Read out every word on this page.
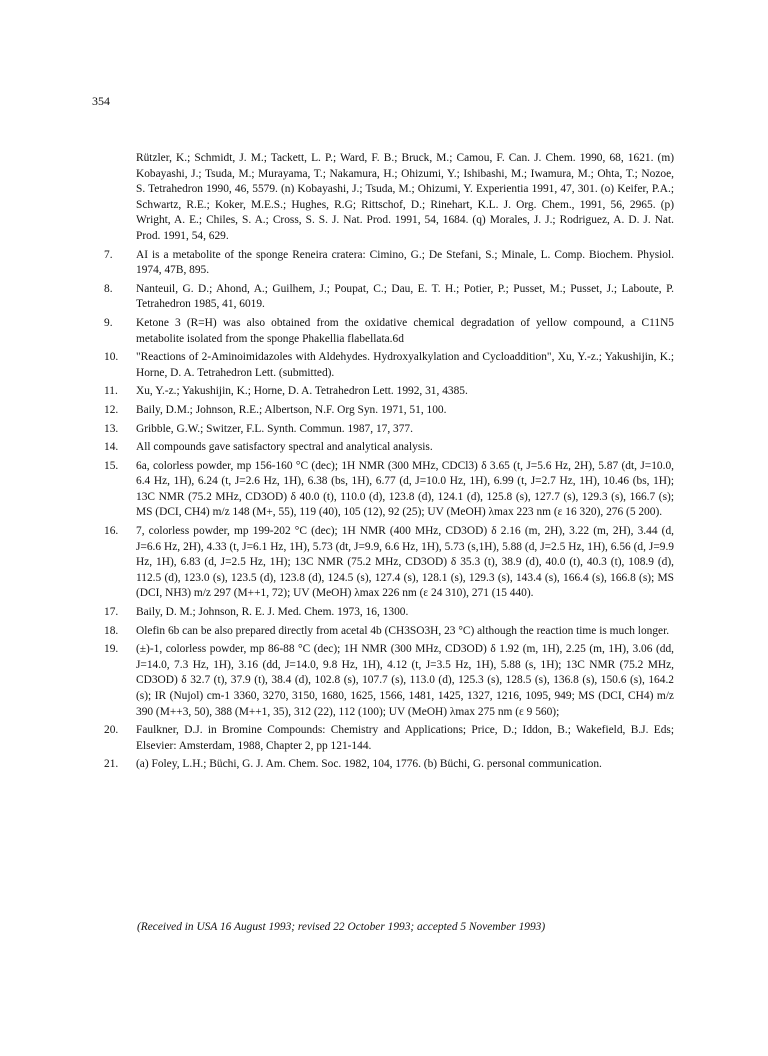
354
Rützler, K.; Schmidt, J. M.; Tackett, L. P.; Ward, F. B.; Bruck, M.; Camou, F. Can. J. Chem. 1990, 68, 1621. (m) Kobayashi, J.; Tsuda, M.; Murayama, T.; Nakamura, H.; Ohizumi, Y.; Ishibashi, M.; Iwamura, M.; Ohta, T.; Nozoe, S. Tetrahedron 1990, 46, 5579. (n) Kobayashi, J.; Tsuda, M.; Ohizumi, Y. Experientia 1991, 47, 301. (o) Keifer, P.A.; Schwartz, R.E.; Koker, M.E.S.; Hughes, R.G; Rittschof, D.; Rinehart, K.L. J. Org. Chem., 1991, 56, 2965. (p) Wright, A. E.; Chiles, S. A.; Cross, S. S. J. Nat. Prod. 1991, 54, 1684. (q) Morales, J. J.; Rodriguez, A. D. J. Nat. Prod. 1991, 54, 629.
7.	AI is a metabolite of the sponge Reneira cratera: Cimino, G.; De Stefani, S.; Minale, L. Comp. Biochem. Physiol. 1974, 47B, 895.
8.	Nanteuil, G. D.; Ahond, A.; Guilhem, J.; Poupat, C.; Dau, E. T. H.; Potier, P.; Pusset, M.; Pusset, J.; Laboute, P. Tetrahedron 1985, 41, 6019.
9.	Ketone 3 (R=H) was also obtained from the oxidative chemical degradation of yellow compound, a C11N5 metabolite isolated from the sponge Phakellia flabellata.6d
10.	"Reactions of 2-Aminoimidazoles with Aldehydes. Hydroxyalkylation and Cycloaddition", Xu, Y.-z.; Yakushijin, K.; Horne, D. A. Tetrahedron Lett. (submitted).
11.	Xu, Y.-z.; Yakushijin, K.; Horne, D. A. Tetrahedron Lett. 1992, 31, 4385.
12.	Baily, D.M.; Johnson, R.E.; Albertson, N.F. Org Syn. 1971, 51, 100.
13.	Gribble, G.W.; Switzer, F.L. Synth. Commun. 1987, 17, 377.
14.	All compounds gave satisfactory spectral and analytical analysis.
15.	6a, colorless powder, mp 156-160 °C (dec); 1H NMR (300 MHz, CDCl3) δ 3.65 (t, J=5.6 Hz, 2H), 5.87 (dt, J=10.0, 6.4 Hz, 1H), 6.24 (t, J=2.6 Hz, 1H), 6.38 (bs, 1H), 6.77 (d, J=10.0 Hz, 1H), 6.99 (t, J=2.7 Hz, 1H), 10.46 (bs, 1H); 13C NMR (75.2 MHz, CD3OD) δ 40.0 (t), 110.0 (d), 123.8 (d), 124.1 (d), 125.8 (s), 127.7 (s), 129.3 (s), 166.7 (s); MS (DCI, CH4) m/z 148 (M+, 55), 119 (40), 105 (12), 92 (25); UV (MeOH) λmax 223 nm (ε 16 320), 276 (5 200).
16.	7, colorless powder, mp 199-202 °C (dec); 1H NMR (400 MHz, CD3OD) δ 2.16 (m, 2H), 3.22 (m, 2H), 3.44 (d, J=6.6 Hz, 2H), 4.33 (t, J=6.1 Hz, 1H), 5.73 (dt, J=9.9, 6.6 Hz, 1H), 5.73 (s,1H), 5.88 (d, J=2.5 Hz, 1H), 6.56 (d, J=9.9 Hz, 1H), 6.83 (d, J=2.5 Hz, 1H); 13C NMR (75.2 MHz, CD3OD) δ 35.3 (t), 38.9 (d), 40.0 (t), 40.3 (t), 108.9 (d), 112.5 (d), 123.0 (s), 123.5 (d), 123.8 (d), 124.5 (s), 127.4 (s), 128.1 (s), 129.3 (s), 143.4 (s), 166.4 (s), 166.8 (s); MS (DCI, NH3) m/z 297 (M++1, 72); UV (MeOH) λmax 226 nm (ε 24 310), 271 (15 440).
17.	Baily, D. M.; Johnson, R. E. J. Med. Chem. 1973, 16, 1300.
18.	Olefin 6b can be also prepared directly from acetal 4b (CH3SO3H, 23 °C) although the reaction time is much longer.
19.	(±)-1, colorless powder, mp 86-88 °C (dec); 1H NMR (300 MHz, CD3OD) δ 1.92 (m, 1H), 2.25 (m, 1H), 3.06 (dd, J=14.0, 7.3 Hz, 1H), 3.16 (dd, J=14.0, 9.8 Hz, 1H), 4.12 (t, J=3.5 Hz, 1H), 5.88 (s, 1H); 13C NMR (75.2 MHz, CD3OD) δ 32.7 (t), 37.9 (t), 38.4 (d), 102.8 (s), 107.7 (s), 113.0 (d), 125.3 (s), 128.5 (s), 136.8 (s), 150.6 (s), 164.2 (s); IR (Nujol) cm-1 3360, 3270, 3150, 1680, 1625, 1566, 1481, 1425, 1327, 1216, 1095, 949; MS (DCI, CH4) m/z 390 (M++3, 50), 388 (M++1, 35), 312 (22), 112 (100); UV (MeOH) λmax 275 nm (ε 9 560);
20.	Faulkner, D.J. in Bromine Compounds: Chemistry and Applications; Price, D.; Iddon, B.; Wakefield, B.J. Eds; Elsevier: Amsterdam, 1988, Chapter 2, pp 121-144.
21.	(a) Foley, L.H.; Büchi, G. J. Am. Chem. Soc. 1982, 104, 1776. (b) Büchi, G. personal communication.
(Received in USA 16 August 1993; revised 22 October 1993; accepted 5 November 1993)
